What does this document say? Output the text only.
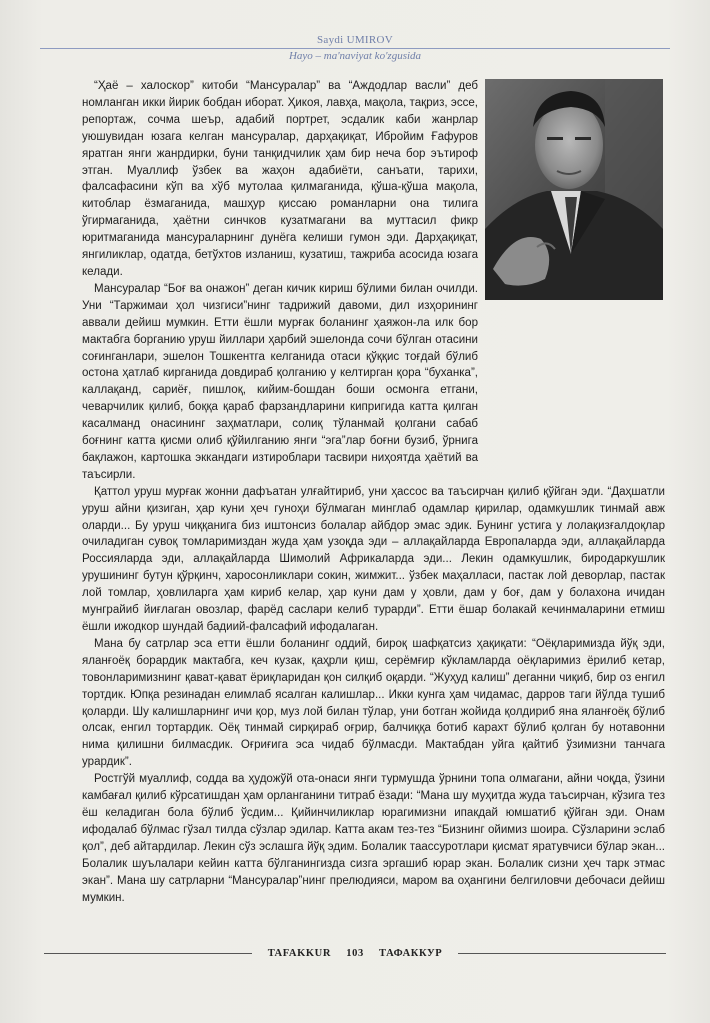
Saydi UMIROV
Hayo – ma'naviyat ko'zgusida

“Ҳаё – халоскор” китоби “Мансуралар” ва “Аждодлар васли” деб номланган икки йирик бобдан иборат. Ҳикоя, лавҳа, мақола, тақриз, эссе, репортаж, сочма шеър, адабий портрет, эсдалик каби жанрлар уюшувидан юзага келган мансуралар, дарҳақиқат, Ибройим Ғафуров яратган янги жанрдирки, буни танқидчилик ҳам бир неча бор эътироф этган. Муаллиф ўзбек ва жаҳон адабиёти, санъати, тарихи, фалсафасини кўп ва хўб мутолаа қилмаганида, қўша-қўша мақола, китоблар ёзмаганида, машҳур қиссаю романларни она тилига ўгирмаганида, ҳаётни синчков кузатмагани ва муттасил фикр юритмаганида мансураларнинг дунёга келиши гумон эди. Дарҳақиқат, янгиликлар, одатда, бетўхтов изланиш, кузатиш, тажриба асосида юзага келади.

Мансуралар “Боғ ва онажон” деган кичик кириш бўлими билан очилди. Уни “Таржимаи ҳол чизгиси”нинг тадрижий давоми, дил изҳорининг аввали дейиш мумкин. Етти ёшли мурғак боланинг ҳаяжон-ла илк бор мактабга борганию уруш йиллари ҳарбий эшелонда сочи бўлган отасини соғинганлари, эшелон Тошкентга келганида отаси қўққис тоғдай бўлиб остона ҳатлаб кирганида довдираб қолганию у келтирган қора “буханка”, каллақанд, сариёғ, пишлоқ, кийим-бошдан боши осмонга етгани, чеварчилик қилиб, боққа қараб фарзандларини кипригида катта қилган касалманд онасининг заҳматлари, солиқ тўланмай қолгани сабаб боғнинг катта қисми олиб қўйилганию янги “эга”лар боғни бузиб, ўрнига бақлажон, картошка эккандаги изтироблари тасвири ниҳоятда ҳаётий ва таъсирли.

Қаттол уруш мурғак жонни дафъатан улғайтириб, уни ҳассос ва таъсирчан қилиб қўйган эди. “Даҳшатли уруш айни қизиган, ҳар куни ҳеч гуноҳи бўлмаган минглаб одамлар қирилар, одамкушлик тинмай авж оларди... Бу уруш чиққанига биз иштонсиз болалар айбдор эмас эдик. Бунинг устига у лолақизғалдоқлар очиладиган сувоқ томларимиздан жуда ҳам узоқда эди – аллақайларда Европаларда эди, аллақайларда Россияларда эди, аллақайларда Шимолий Африкаларда эди... Лекин одамкушлик, бирoдаркушлик урушининг бутун қўрқинч, харосонликлари сокин, жимжит... ўзбек маҳалласи, пастак лой деворлар, пастак лой томлар, ҳовлиларга ҳам кириб келар, ҳар куни дам у ҳовли, дам у боғ, дам у болахона ичидан мунграйиб йиғлаган овозлар, фарёд саслари келиб турарди”. Етти ёшар болакай кечинмаларини етмиш ёшли ижодкор шундай бадиий-фалсафий ифодалаган.

Мана бу сатрлар эса етти ёшли боланинг оддий, бироқ шафқатсиз ҳақиқати: “Оёқларимизда йўқ эди, яланғоёқ борардик мактабга, кеч кузак, қаҳрли қиш, серёмғир кўкламларда оёқларимиз ёрилиб кетар, товонларимизнинг қават-қават ёриқларидан қон силқиб оқарди. “Жуҳуд калиш” деганни чиқиб, бир оз енгил тортдик. Юпқа резинадан елимлаб ясалган калишлар... Икки кунга ҳам чидамас, дарров таги йўлда тушиб қоларди. Шу калишларнинг ичи қор, муз лой билан тўлар, уни ботган жойида қолдириб яна яланғоёқ бўлиб олсак, енгил тортардик. Оёқ тинмай сирқираб оғрир, балчиққа ботиб карахт бўлиб қолган бу нотавонни нима қилишни билмасдик. Оғриғига эса чидаб бўлмасди. Мактабдан уйга қайтиб ўзимизни танчага урардик”.

Ростгўй муаллиф, содда ва ҳудожўй ота-онаси янги турмушда ўрнини топа олмагани, айни чоқда, ўзини камбағал қилиб кўрсатишдан ҳам орланганини титраб ёзади: “Мана шу муҳитда жуда таъсирчан, кўзига тез ёш келадиган бола бўлиб ўсдим... Қийинчиликлар юрагимизни ипакдай юмшатиб қўйган эди. Онам ифодалаб бўлмас гўзал тилда сўзлар эдилар. Катта акам тез-тез “Бизнинг ойимиз шоира. Сўзларини эслаб қол”, деб айтардилар. Лекин сўз эслашга йўқ эдим. Болалик таассуротлари қисмат яратувчиси бўлар экан... Болалик шуълалари кейин катта бўлганингизда сизга эргашиб юрар экан. Болалик сизни ҳеч тарк этмас экан”. Мана шу сатрларни “Мансуралар”нинг прелюдияси, маром ва оҳангини белгиловчи дебочаси дейиш мумкин.

TAFAKKUR 103 ТАФАККУР
